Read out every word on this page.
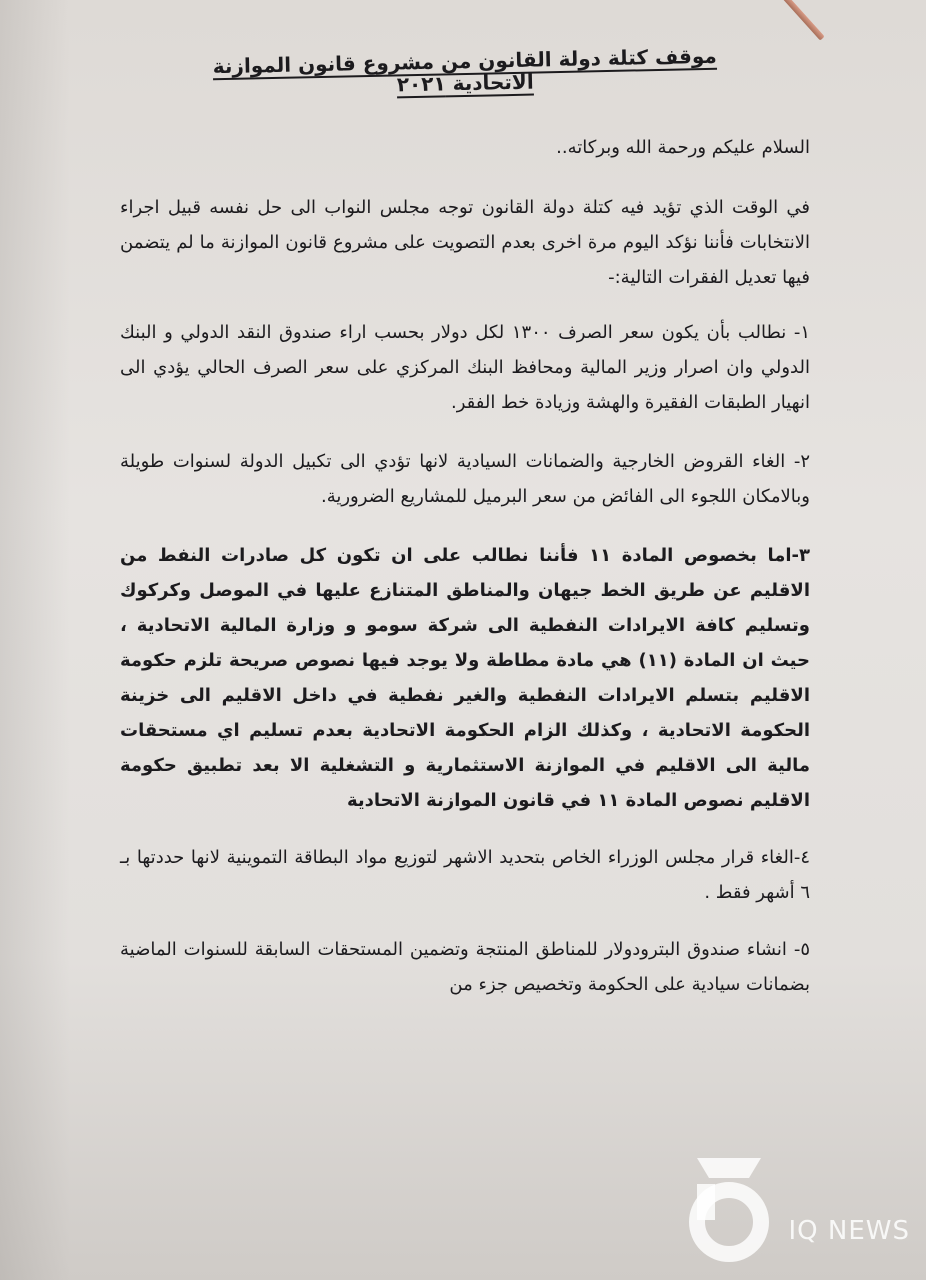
موقف كتلة دولة القانون من مشروع قانون الموازنة الاتحادية ٢٠٢١
السلام عليكم ورحمة الله وبركاته..
في الوقت الذي تؤيد فيه كتلة دولة القانون توجه مجلس النواب الى حل نفسه قبيل اجراء الانتخابات فأننا نؤكد اليوم مرة اخرى بعدم التصويت على مشروع قانون الموازنة ما لم يتضمن فيها تعديل الفقرات التالية:-
١- نطالب بأن يكون سعر الصرف ١٣٠٠ لكل دولار بحسب اراء صندوق النقد الدولي و البنك الدولي وان اصرار وزير المالية ومحافظ البنك المركزي على سعر الصرف الحالي يؤدي الى انهيار الطبقات الفقيرة والهشة وزيادة خط الفقر.
٢- الغاء القروض الخارجية والضمانات السيادية لانها تؤدي الى تكبيل الدولة لسنوات طويلة وبالامكان اللجوء الى الفائض من سعر البرميل للمشاريع الضرورية.
٣-اما بخصوص المادة ١١ فأننا نطالب على ان تكون كل صادرات النفط من الاقليم عن طريق الخط جيهان والمناطق المتنازع عليها في الموصل وكركوك وتسليم كافة الايرادات النفطية الى شركة سومو و وزارة المالية الاتحادية ، حيث ان المادة (١١) هي مادة مطاطة ولا يوجد فيها نصوص صريحة تلزم حكومة الاقليم بتسلم الايرادات النفطية والغير نفطية في داخل الاقليم الى خزينة الحكومة الاتحادية ، وكذلك الزام الحكومة الاتحادية بعدم تسليم اي مستحقات مالية الى الاقليم في الموازنة الاستثمارية و التشغلية الا بعد تطبيق حكومة الاقليم نصوص المادة ١١ في قانون الموازنة الاتحادية
٤-الغاء قرار مجلس الوزراء الخاص بتحديد الاشهر لتوزيع مواد البطاقة التموينية لانها حددتها بـ ٦ أشهر فقط .
٥- انشاء صندوق البترودولار للمناطق المنتجة وتضمين المستحقات السابقة للسنوات الماضية بضمانات سيادية على الحكومة وتخصيص جزء من
IQ NEWS
